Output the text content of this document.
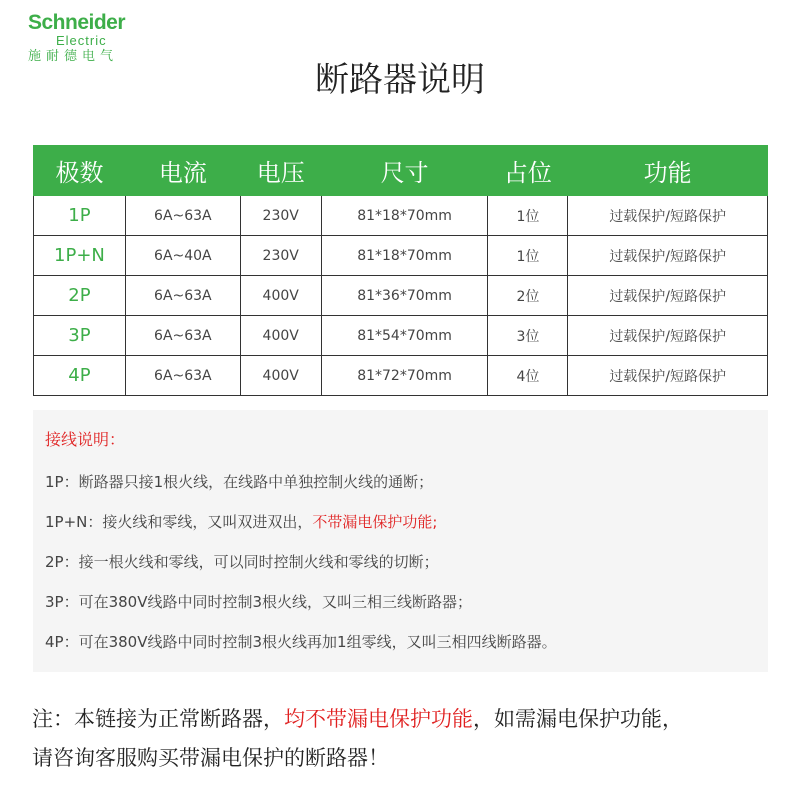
Schneider
Electric
施耐德电气
断路器说明
极数	电流	电压	尺寸	占位	功能
1P	6A~63A	230V	81*18*70mm	1位	过载保护/短路保护
1P+N	6A~40A	230V	81*18*70mm	1位	过载保护/短路保护
2P	6A~63A	400V	81*36*70mm	2位	过载保护/短路保护
3P	6A~63A	400V	81*54*70mm	3位	过载保护/短路保护
4P	6A~63A	400V	81*72*70mm	4位	过载保护/短路保护
接线说明：
1P：断路器只接1根火线，在线路中单独控制火线的通断；
1P+N：接火线和零线，又叫双进双出，不带漏电保护功能;
2P：接一根火线和零线，可以同时控制火线和零线的切断；
3P：可在380V线路中同时控制3根火线，又叫三相三线断路器；
4P：可在380V线路中同时控制3根火线再加1组零线，又叫三相四线断路器。
注：本链接为正常断路器，均不带漏电保护功能，如需漏电保护功能，
请咨询客服购买带漏电保护的断路器！
